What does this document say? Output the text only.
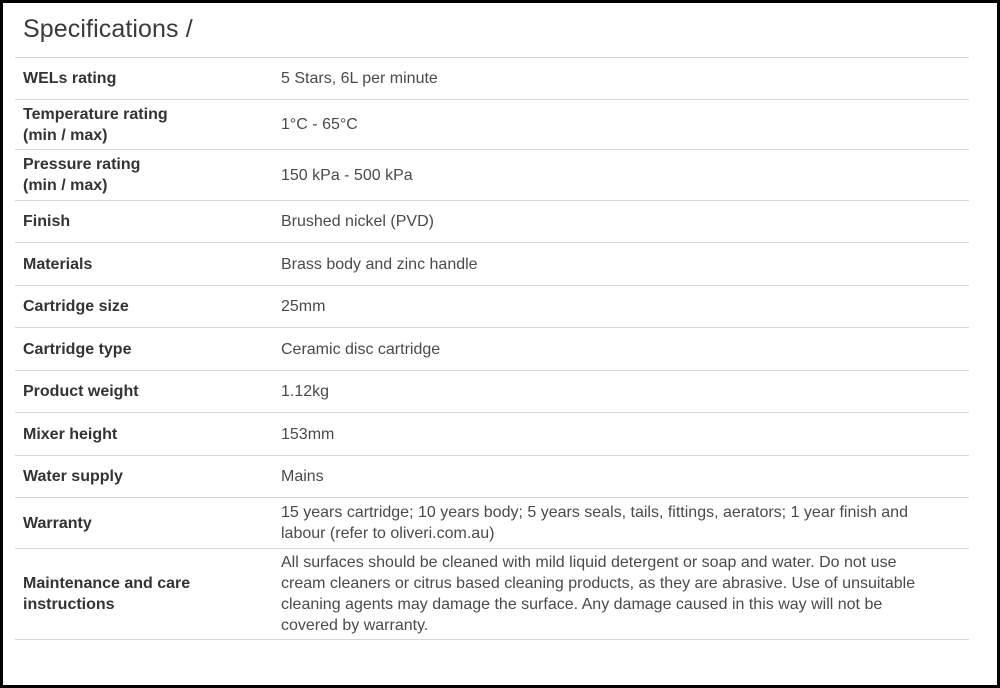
Specifications /
WELs rating	5 Stars, 6L per minute

Temperature rating (min / max)	1°C - 65°C

Pressure rating (min / max)	150 kPa - 500 kPa

Finish	Brushed nickel (PVD)

Materials	Brass body and zinc handle

Cartridge size	25mm

Cartridge type	Ceramic disc cartridge

Product weight	1.12kg

Mixer height	153mm

Water supply	Mains

Warranty	15 years cartridge; 10 years body; 5 years seals, tails, fittings, aerators; 1 year finish and labour (refer to oliveri.com.au)

Maintenance and care instructions	All surfaces should be cleaned with mild liquid detergent or soap and water. Do not use cream cleaners or citrus based cleaning products, as they are abrasive. Use of unsuitable cleaning agents may damage the surface. Any damage caused in this way will not be covered by warranty.
